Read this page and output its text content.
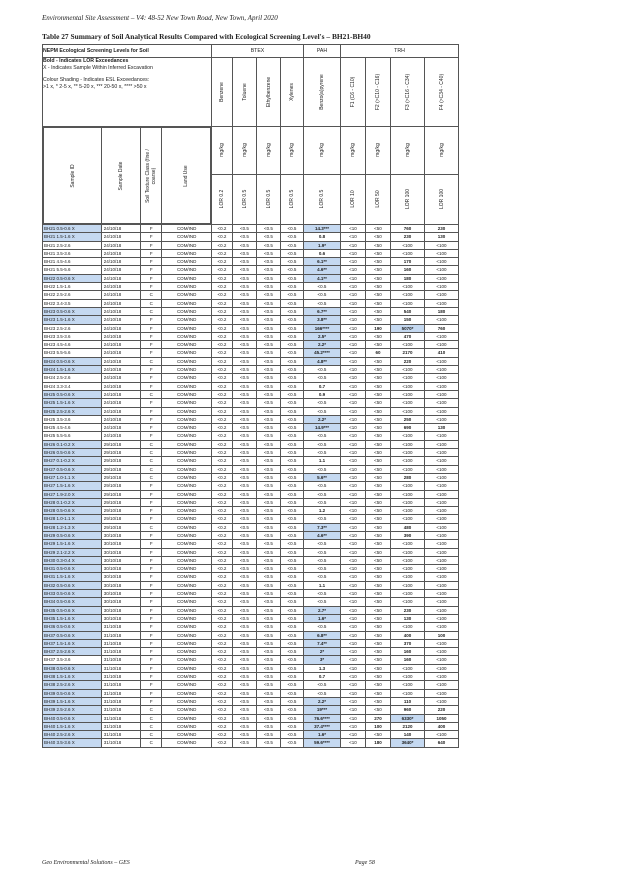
Environmental Site Assessment – V4: 48-52 New Town Road, New Town, April 2020
Table 27 Summary of Soil Analytical Results Compared with Ecological Screening Level's – BH21-BH40
NEPM Ecological Screening Levels for Soil	BTEX	PAH	TRH

Bold - Indicates LOR Exceedances
X - Indicates Sample Within Inferred Excavation
Colour Shading - Indicates ESL Exceedances:
>1 x, * 2-5 x, ** 5-20 x, *** 20-50 x, **** >50 x	Benzene	Toluene	Ethylbenzene	Xylenes	Benzo(a)pyrene	F1 (C6 - C10)	F2 (>C10 - C16)	F3 (>C16 - C34)	F4 (>C34 - C40)

Sample ID	Sample Date	Soil Texture Class (fine / coarse)	Land Use

mg/kg	mg/kg	mg/kg	mg/kg	mg/kg	mg/kg	mg/kg	mg/kg	mg/kg

LOR 0.2	LOR 0.5	LOR 0.5	LOR 0.5	LOR 0.5	LOR 10	LOR 50	LOR 100	LOR 100

BH21 0.5-0.6 X	24/10/18	F	COM/IND	<0.2	<0.5	<0.5	<0.5	14.3***	<10	<50	760	230
BH21 1.5-1.6 X	24/10/18	F	COM/IND	<0.2	<0.5	<0.5	<0.5	0.8	<10	<50	230	130
BH21 2.5-2.6	24/10/18	F	COM/IND	<0.2	<0.5	<0.5	<0.5	1.9*	<10	<50	<100	<100
BH21 3.5-3.6	24/10/18	F	COM/IND	<0.2	<0.5	<0.5	<0.5	0.6	<10	<50	<100	<100
BH21 4.5-4.6	24/10/18	F	COM/IND	<0.2	<0.5	<0.5	<0.5	6.1**	<10	<50	170	<100
BH21 5.5-5.6	24/10/18	F	COM/IND	<0.2	<0.5	<0.5	<0.5	4.6**	<10	<50	160	<100
BH22 0.5-0.6 X	24/10/18	F	COM/IND	<0.2	<0.5	<0.5	<0.5	4.1**	<10	<50	180	<100
BH22 1.5-1.6	24/10/18	F	COM/IND	<0.2	<0.5	<0.5	<0.5	<0.5	<10	<50	<100	<100
BH22 2.5-2.6	24/10/18	C	COM/IND	<0.2	<0.5	<0.5	<0.5	<0.5	<10	<50	<100	<100
BH22 3.4-3.5	24/10/18	C	COM/IND	<0.2	<0.5	<0.5	<0.5	<0.5	<10	<50	<100	<100
BH23 0.5-0.6 X	24/10/18	C	COM/IND	<0.2	<0.5	<0.5	<0.5	6.7**	<10	<50	540	180
BH23 1.5-1.6 X	24/10/18	F	COM/IND	<0.2	<0.5	<0.5	<0.5	3.8**	<10	<50	150	<100
BH23 2.5-2.6	24/10/18	F	COM/IND	<0.2	<0.5	<0.5	<0.5	166****	<10	190	5070*	760
BH23 3.5-3.6	24/10/18	F	COM/IND	<0.2	<0.5	<0.5	<0.5	2.5*	<10	<50	470	<100
BH23 4.5-4.6	24/10/18	F	COM/IND	<0.2	<0.5	<0.5	<0.5	2.2*	<10	<50	<100	<100
BH23 5.5-5.6	24/10/18	F	COM/IND	<0.2	<0.5	<0.5	<0.5	45.2****	<10	60	2170	410
BH24 0.5-0.6 X	24/10/18	C	COM/IND	<0.2	<0.5	<0.5	<0.5	4.8**	<10	<50	220	<100
BH24 1.5-1.6 X	24/10/18	F	COM/IND	<0.2	<0.5	<0.5	<0.5	<0.5	<10	<50	<100	<100
BH24 2.5-2.6	24/10/18	F	COM/IND	<0.2	<0.5	<0.5	<0.5	<0.5	<10	<50	<100	<100
BH24 3.3-3.4	24/10/18	F	COM/IND	<0.2	<0.5	<0.5	<0.5	0.7	<10	<50	<100	<100
BH25 0.5-0.6 X	24/10/18	C	COM/IND	<0.2	<0.5	<0.5	<0.5	0.9	<10	<50	<100	<100
BH25 1.5-1.6 X	24/10/18	F	COM/IND	<0.2	<0.5	<0.5	<0.5	<0.5	<10	<50	<100	<100
BH25 2.5-2.6 X	24/10/18	F	COM/IND	<0.2	<0.5	<0.5	<0.5	<0.5	<10	<50	<100	<100
BH25 3.5-3.6	24/10/18	F	COM/IND	<0.2	<0.5	<0.5	<0.5	2.2*	<10	<50	250	<100
BH25 4.5-4.6	24/10/18	F	COM/IND	<0.2	<0.5	<0.5	<0.5	14.9***	<10	<50	690	130
BH25 5.5-5.6	24/10/18	F	COM/IND	<0.2	<0.5	<0.5	<0.5	<0.5	<10	<50	<100	<100
BH26 0.1-0.2 X	29/10/18	C	COM/IND	<0.2	<0.5	<0.5	<0.5	<0.5	<10	<50	<100	<100
BH26 0.5-0.6 X	29/10/18	C	COM/IND	<0.2	<0.5	<0.5	<0.5	<0.5	<10	<50	<100	<100
BH27 0.1-0.2 X	29/10/18	C	COM/IND	<0.2	<0.5	<0.5	<0.5	1.1	<10	<50	<100	<100
BH27 0.5-0.6 X	29/10/18	C	COM/IND	<0.2	<0.5	<0.5	<0.5	<0.5	<10	<50	<100	<100
BH27 1.0-1.1 X	29/10/18	C	COM/IND	<0.2	<0.5	<0.5	<0.5	5.6**	<10	<50	280	<100
BH27 1.5-1.6 X	29/10/18	F	COM/IND	<0.2	<0.5	<0.5	<0.5	<0.5	<10	<50	<100	<100
BH27 1.9-2.0 X	29/10/18	F	COM/IND	<0.2	<0.5	<0.5	<0.5	<0.5	<10	<50	<100	<100
BH28 0.1-0.2 X	29/10/18	F	COM/IND	<0.2	<0.5	<0.5	<0.5	<0.5	<10	<50	<100	<100
BH28 0.5-0.6 X	29/10/18	F	COM/IND	<0.2	<0.5	<0.5	<0.5	1.2	<10	<50	<100	<100
BH28 1.0-1.1 X	29/10/18	F	COM/IND	<0.2	<0.5	<0.5	<0.5	<0.5	<10	<50	<100	<100
BH28 1.2-1.3 X	29/10/18	C	COM/IND	<0.2	<0.5	<0.5	<0.5	7.3**	<10	<50	480	<100
BH29 0.5-0.6 X	30/10/18	F	COM/IND	<0.2	<0.5	<0.5	<0.5	4.6**	<10	<50	390	<100
BH29 1.5-1.6 X	30/10/18	F	COM/IND	<0.2	<0.5	<0.5	<0.5	<0.5	<10	<50	<100	<100
BH29 2.1-2.2 X	30/10/18	F	COM/IND	<0.2	<0.5	<0.5	<0.5	<0.5	<10	<50	<100	<100
BH30 0.3-0.4 X	30/10/18	F	COM/IND	<0.2	<0.5	<0.5	<0.5	<0.5	<10	<50	<100	<100
BH31 0.5-0.6 X	30/10/18	F	COM/IND	<0.2	<0.5	<0.5	<0.5	<0.5	<10	<50	<100	<100
BH31 1.5-1.6 X	30/10/18	F	COM/IND	<0.2	<0.5	<0.5	<0.5	<0.5	<10	<50	<100	<100
BH32 0.5-0.6 X	30/10/18	F	COM/IND	<0.2	<0.5	<0.5	<0.5	1.1	<10	<50	<100	<100
BH33 0.5-0.6 X	30/10/18	F	COM/IND	<0.2	<0.5	<0.5	<0.5	<0.5	<10	<50	<100	<100
BH34 0.5-0.6 X	30/10/18	F	COM/IND	<0.2	<0.5	<0.5	<0.5	<0.5	<10	<50	<100	<100
BH35 0.5-0.6 X	30/10/18	F	COM/IND	<0.2	<0.5	<0.5	<0.5	2.7*	<10	<50	230	<100
BH35 1.5-1.6 X	30/10/18	F	COM/IND	<0.2	<0.5	<0.5	<0.5	1.6*	<10	<50	130	<100
BH36 0.5-0.6 X	31/10/18	F	COM/IND	<0.2	<0.5	<0.5	<0.5	<0.5	<10	<50	<100	<100
BH37 0.5-0.6 X	31/10/18	F	COM/IND	<0.2	<0.5	<0.5	<0.5	6.8**	<10	<50	400	100
BH37 1.5-1.6 X	31/10/18	F	COM/IND	<0.2	<0.5	<0.5	<0.5	7.4**	<10	<50	370	<100
BH37 2.5-2.6 X	31/10/18	F	COM/IND	<0.2	<0.5	<0.5	<0.5	2*	<10	<50	160	<100
BH37 3.5-3.6	31/10/18	F	COM/IND	<0.2	<0.5	<0.5	<0.5	3*	<10	<50	160	<100
BH38 0.5-0.6 X	31/10/18	F	COM/IND	<0.2	<0.5	<0.5	<0.5	1.3	<10	<50	<100	<100
BH38 1.5-1.6 X	31/10/18	F	COM/IND	<0.2	<0.5	<0.5	<0.5	0.7	<10	<50	<100	<100
BH38 2.5-2.6 X	31/10/18	F	COM/IND	<0.2	<0.5	<0.5	<0.5	<0.5	<10	<50	<100	<100
BH39 0.5-0.6 X	31/10/18	F	COM/IND	<0.2	<0.5	<0.5	<0.5	<0.5	<10	<50	<100	<100
BH39 1.5-1.6 X	31/10/18	F	COM/IND	<0.2	<0.5	<0.5	<0.5	2.2*	<10	<50	110	<100
BH39 2.5-2.6 X	31/10/18	C	COM/IND	<0.2	<0.5	<0.5	<0.5	19***	<10	<50	960	220
BH40 0.5-0.6 X	31/10/18	C	COM/IND	<0.2	<0.5	<0.5	<0.5	76.6****	<10	270	6330*	1050
BH40 1.5-1.6 X	31/10/18	C	COM/IND	<0.2	<0.5	<0.5	<0.5	37.4****	<10	100	2120	400
BH40 2.5-2.6 X	31/10/18	C	COM/IND	<0.2	<0.5	<0.5	<0.5	1.6*	<10	<50	140	<100
BH40 3.5-3.6 X	31/10/18	C	COM/IND	<0.2	<0.5	<0.5	<0.5	59.6****	<10	180	3640*	640
Geo Environmental Solutions – GES	Page 58
